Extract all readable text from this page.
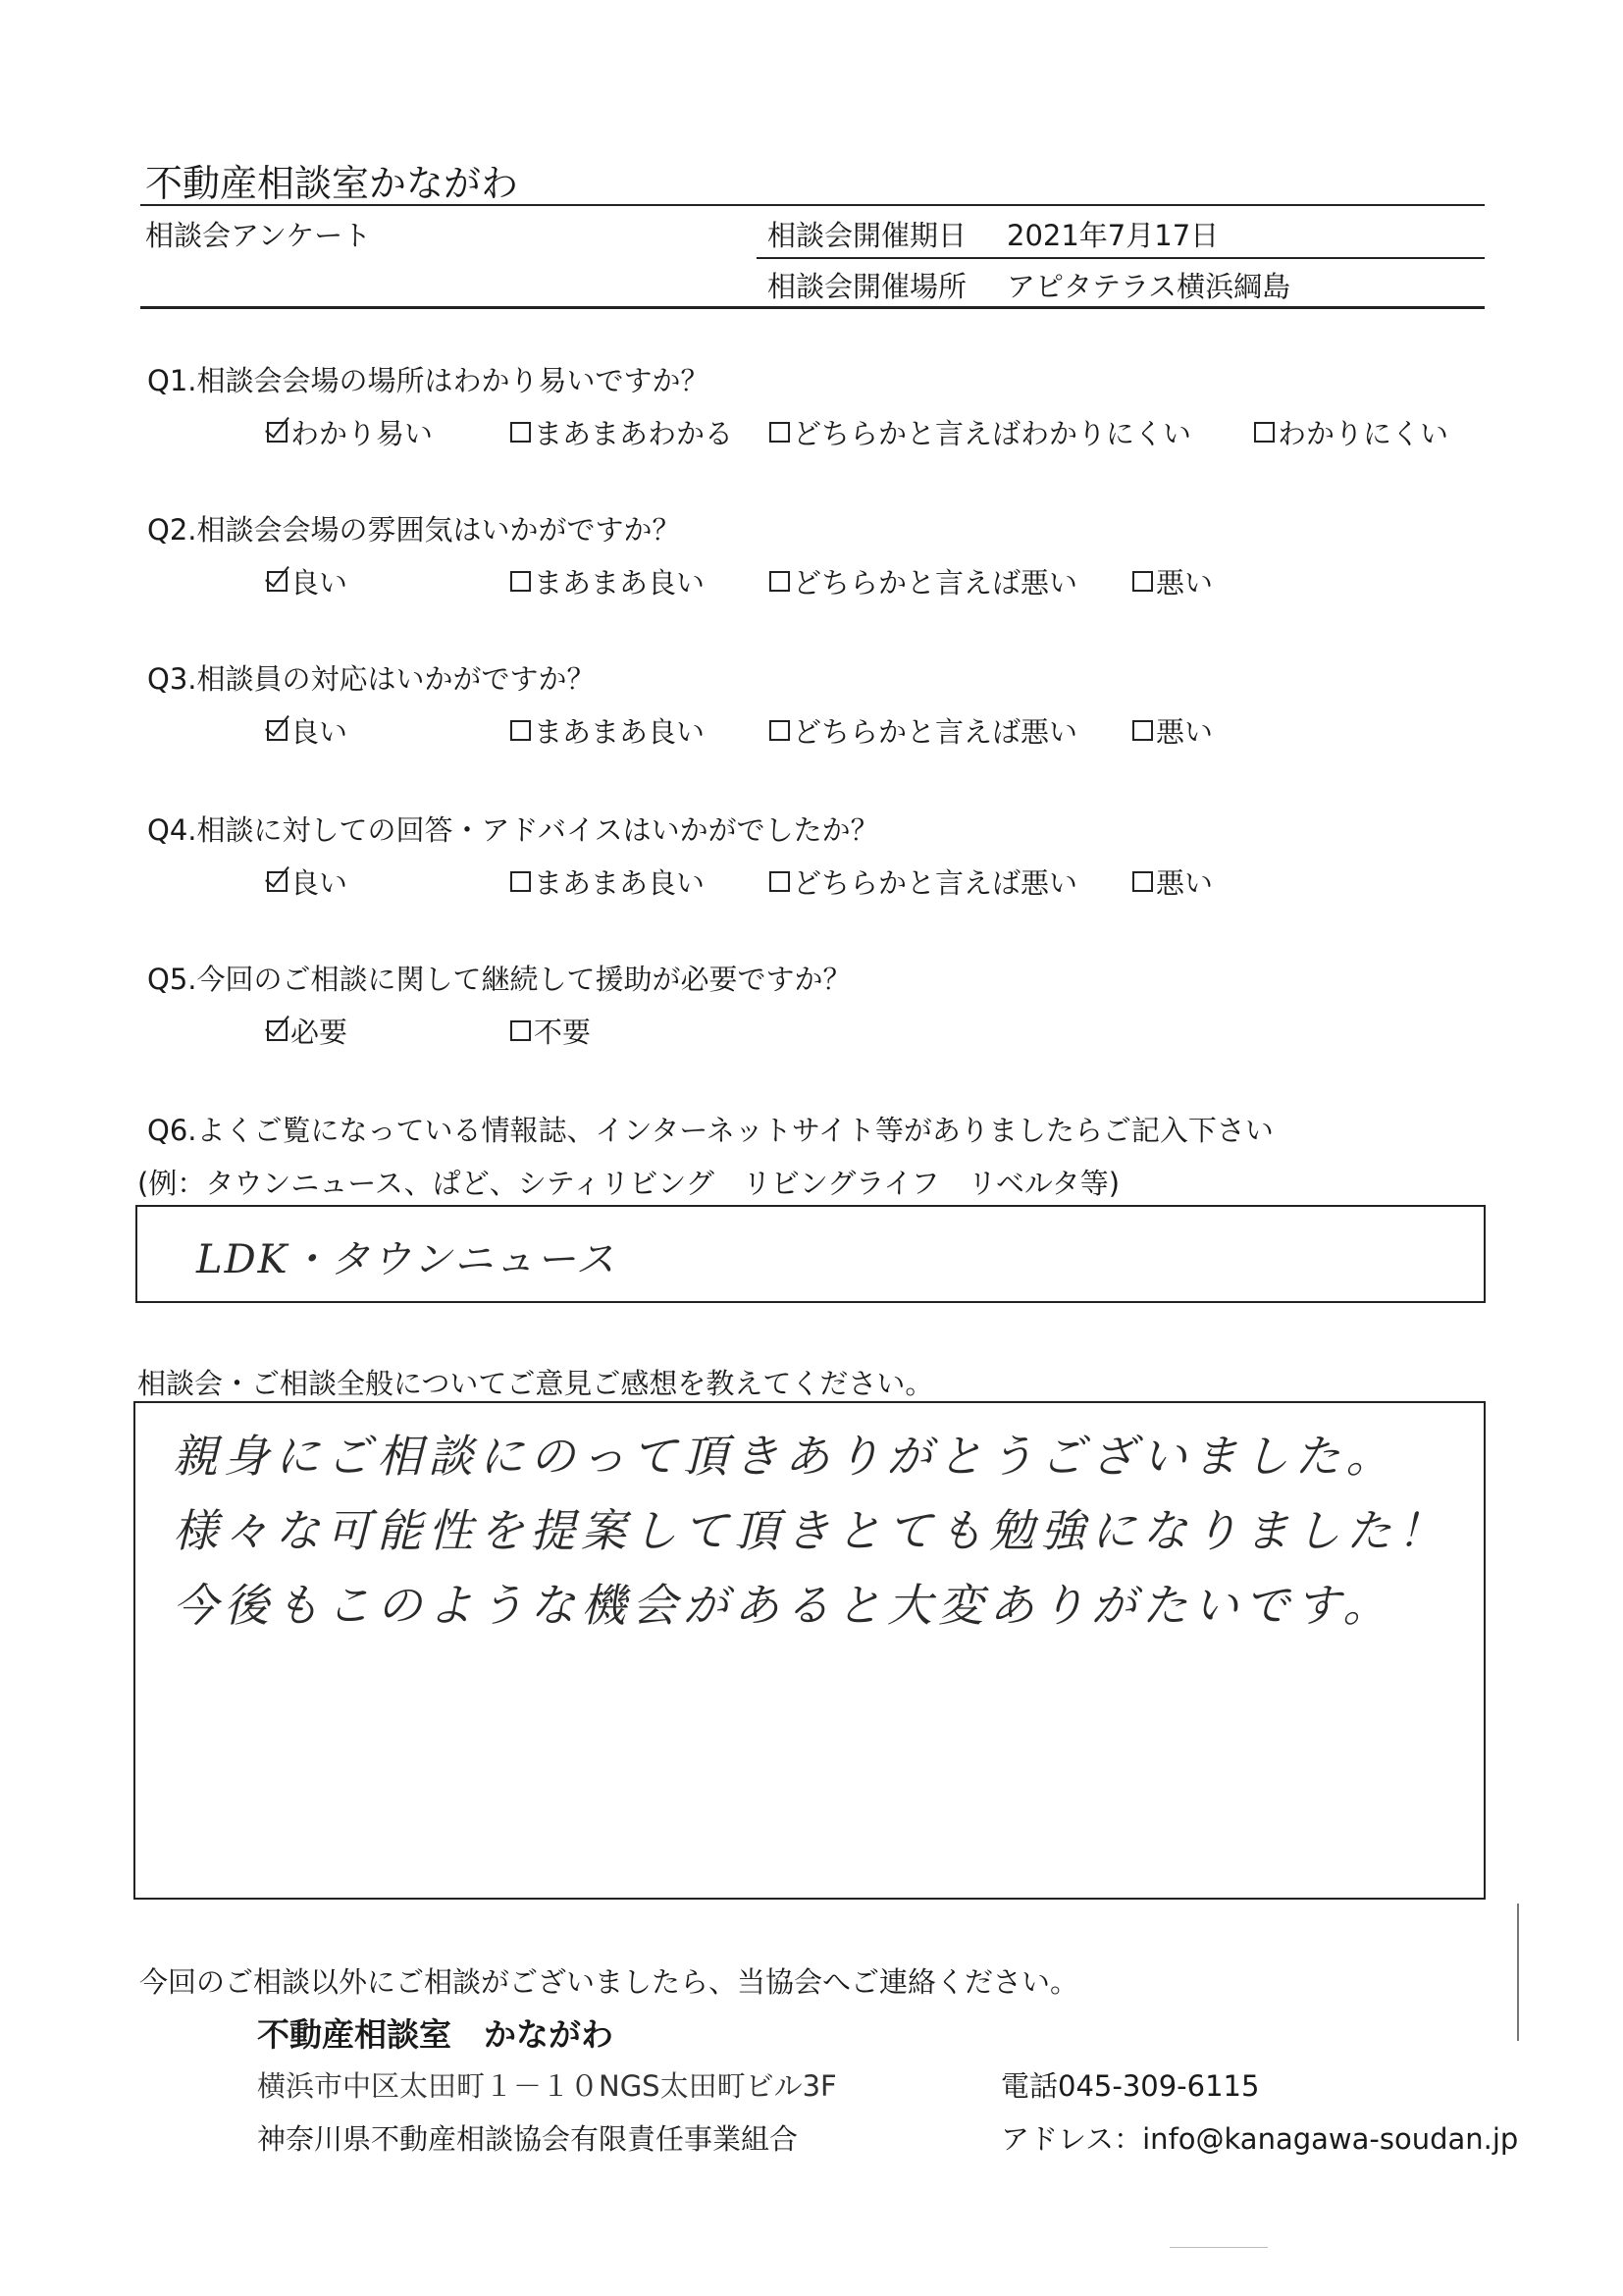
不動産相談室かながわ
相談会アンケート	相談会開催期日 2021年7月17日
相談会開催場所 アピタテラス横浜綱島
Q1.相談会会場の場所はわかり易いですか？
わかり易い	まあまあわかる どちらかと言えばわかりにくい	わかりにくい
Q2.相談会会場の雰囲気はいかがですか？
良い	まあまあ良い	どちらかと言えば悪い	悪い
Q3.相談員の対応はいかがですか？
良い	まあまあ良い	どちらかと言えば悪い	悪い
Q4.相談に対しての回答・アドバイスはいかがでしたか？
良い	まあまあ良い	どちらかと言えば悪い	悪い
Q5.今回のご相談に関して継続して援助が必要ですか？
必要	不要
Q6.よくご覧になっている情報誌、インターネットサイト等がありましたらご記入下さい
(例：タウンニュース、ぱど、シティリビング　リビングライフ　リベルタ等)
LDK・タウンニュース
相談会・ご相談全般についてご意見ご感想を教えてください。
親身にご相談にのって頂きありがとうございました。
様々な可能性を提案して頂きとても勉強になりました！
今後もこのような機会があると大変ありがたいです。
今回のご相談以外にご相談がございましたら、当協会へご連絡ください。
不動産相談室　かながわ
横浜市中区太田町１－１０NGS太田町ビル3F	電話045-309-6115
神奈川県不動産相談協会有限責任事業組合	アドレス：info@kanagawa-soudan.jp
